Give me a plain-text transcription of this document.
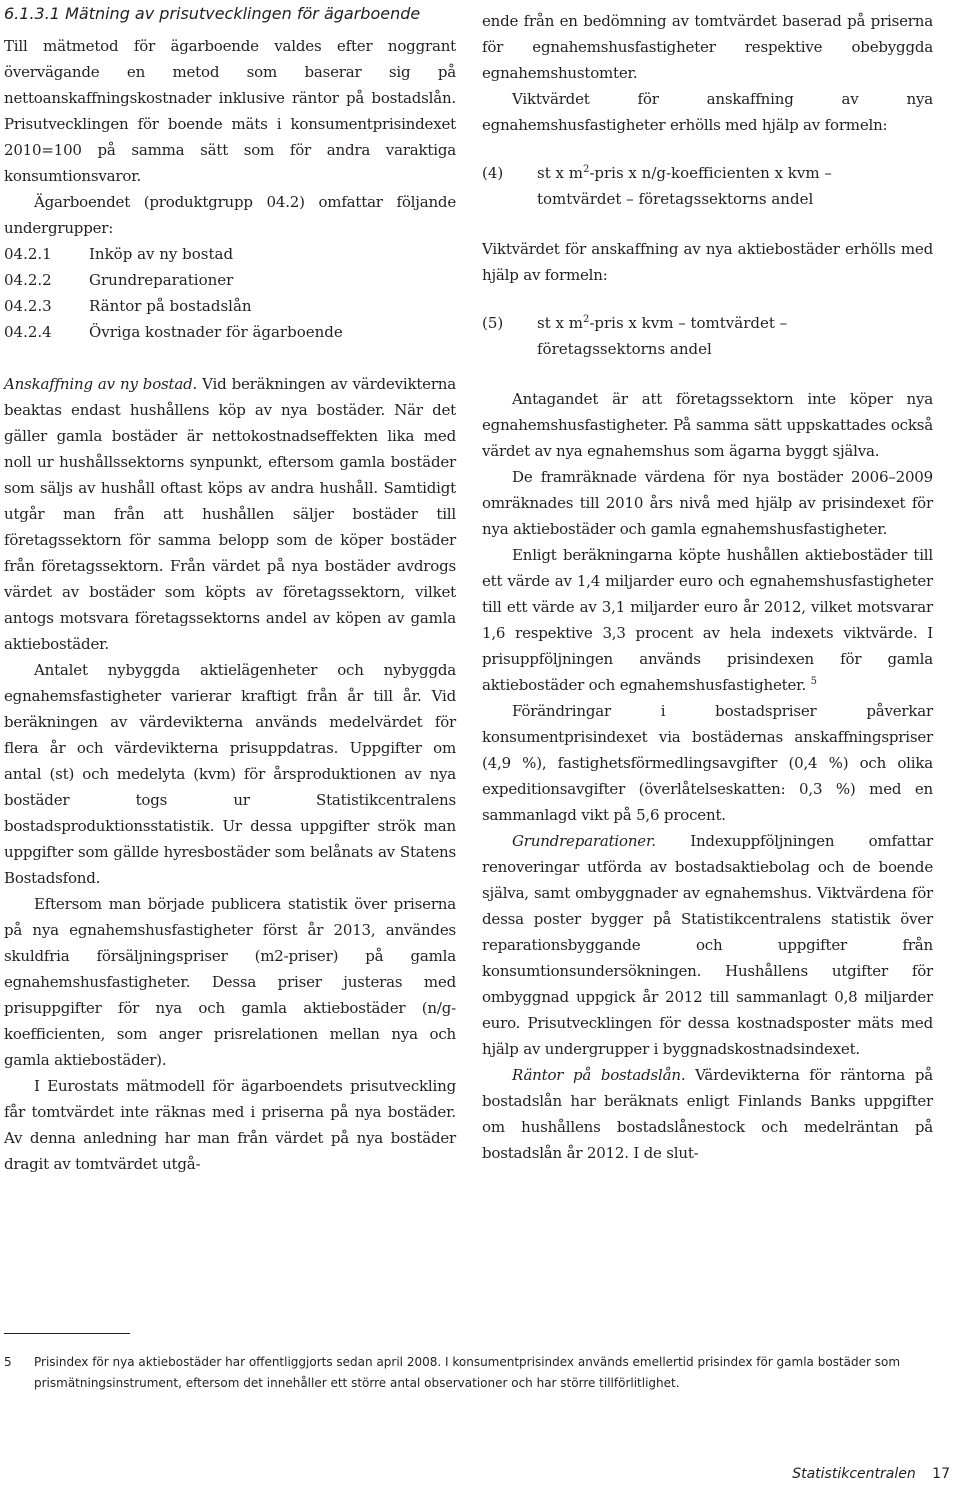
6.1.3.1 Mätning av prisutvecklingen för ägarboende

Till mätmetod för ägarboende valdes efter noggrant övervägande en metod som baserar sig på nettoanskaffningskostnader inklusive räntor på bostadslån. Prisutvecklingen för boende mäts i konsumentprisindexet 2010=100 på samma sätt som för andra varaktiga konsumtionsvaror.

Ägarboendet (produktgrupp 04.2) omfattar följande undergrupper:

04.2.1	Inköp av ny bostad
04.2.2	Grundreparationer
04.2.3	Räntor på bostadslån
04.2.4	Övriga kostnader för ägarboende

Anskaffning av ny bostad. Vid beräkningen av värdevikterna beaktas endast hushållens köp av nya bostäder. När det gäller gamla bostäder är nettokostnadseffekten lika med noll ur hushållssektorns synpunkt, eftersom gamla bostäder som säljs av hushåll oftast köps av andra hushåll. Samtidigt utgår man från att hushållen säljer bostäder till företagssektorn för samma belopp som de köper bostäder från företagssektorn. Från värdet på nya bostäder avdrogs värdet av bostäder som köpts av företagssektorn, vilket antogs motsvara företagssektorns andel av köpen av gamla aktiebostäder.

Antalet nybyggda aktielägenheter och nybyggda egnahemsfastigheter varierar kraftigt från år till år. Vid beräkningen av värdevikterna används medelvärdet för flera år och värdevikterna prisuppdatras. Uppgifter om antal (st) och medelyta (kvm) för årsproduktionen av nya bostäder togs ur Statistikcentralens bostadsproduktionsstatistik. Ur dessa uppgifter strök man uppgifter som gällde hyresbostäder som belånats av Statens Bostadsfond.

Eftersom man började publicera statistik över priserna på nya egnahemshusfastigheter först år 2013, användes skuldfria försäljningspriser (m2-priser) på gamla egnahemshusfastigheter. Dessa priser justeras med prisuppgifter för nya och gamla aktiebostäder (n/g-koefficienten, som anger prisrelationen mellan nya och gamla aktiebostäder).

I Eurostats mätmodell för ägarboendets prisutveckling får tomtvärdet inte räknas med i priserna på nya bostäder. Av denna anledning har man från värdet på nya bostäder dragit av tomtvärdet utgå-

ende från en bedömning av tomtvärdet baserad på priserna för egnahemshusfastigheter respektive obebyggda egnahemshustomter.

Viktvärdet för anskaffning av nya egnahemshusfastigheter erhölls med hjälp av formeln:

(4)	st x $m^2$-pris x n/g-koefficienten x kvm –
tomtvärdet – företagssektorns andel

Viktvärdet för anskaffning av nya aktiebostäder erhölls med hjälp av formeln:

(5)	st x $m^2$-pris x kvm – tomtvärdet –
företagssektorns andel

Antagandet är att företagssektorn inte köper nya egnahemshusfastigheter. På samma sätt uppskattades också värdet av nya egnahemshus som ägarna byggt själva.

De framräknade värdena för nya bostäder 2006–2009 omräknades till 2010 års nivå med hjälp av prisindexet för nya aktiebostäder och gamla egnahemshusfastigheter.

Enligt beräkningarna köpte hushållen aktiebostäder till ett värde av 1,4 miljarder euro och egnahemshusfastigheter till ett värde av 3,1 miljarder euro år 2012, vilket motsvarar 1,6 respektive 3,3 procent av hela indexets viktvärde. I prisuppföljningen används prisindexen för gamla aktiebostäder och egnahemshusfastigheter. $^5$

Förändringar i bostadspriser påverkar konsumentprisindexet via bostädernas anskaffningspriser (4,9 %), fastighetsförmedlingsavgifter (0,4 %) och olika expeditionsavgifter (överlåtelseskatten: 0,3 %) med en sammanlagd vikt på 5,6 procent.

Grundreparationer. Indexuppföljningen omfattar renoveringar utförda av bostadsaktiebolag och de boende själva, samt ombyggnader av egnahemshus. Viktvärdena för dessa poster bygger på Statistikcentralens statistik över reparationsbyggande och uppgifter från konsumtionsundersökningen. Hushållens utgifter för ombyggnad uppgick år 2012 till sammanlagt 0,8 miljarder euro. Prisutvecklingen för dessa kostnadsposter mäts med hjälp av undergrupper i byggnadskostnadsindexet.

Räntor på bostadslån. Värdevikterna för räntorna på bostadslån har beräknats enligt Finlands Banks uppgifter om hushållens bostadslånestock och medelräntan på bostadslån år 2012. I de slut-

5	Prisindex för nya aktiebostäder har offentliggjorts sedan april 2008. I konsumentprisindex används emellertid prisindex för gamla bostäder som prismätningsinstrument, eftersom det innehåller ett större antal observationer och har större tillförlitlighet.
Statistikcentralen 17
